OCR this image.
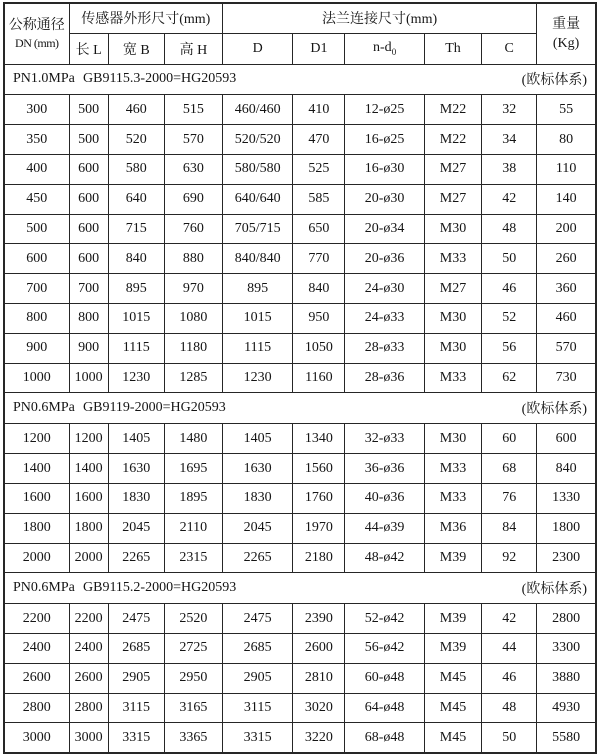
公称通径
DN (mm)
	传感器外形尺寸(mm)	法兰连接尺寸(mm)	重量
(Kg)

	长 L	宽 B	高 H	D	D1	$n-d_0$	Th	C	

PN1.0MPa GB9115.3-2000=HG20593 (欧标体系)									

300	500	460	515	460/460	410	12-ø25	M22	32	55
350	500	520	570	520/520	470	16-ø25	M22	34	80
400	600	580	630	580/580	525	16-ø30	M27	38	110
450	600	640	690	640/640	585	20-ø30	M27	42	140
500	600	715	760	705/715	650	20-ø34	M30	48	200
600	600	840	880	840/840	770	20-ø36	M33	50	260
700	700	895	970	895	840	24-ø30	M27	46	360
800	800	1015	1080	1015	950	24-ø33	M30	52	460
900	900	1115	1180	1115	1050	28-ø33	M30	56	570
1000	1000	1230	1285	1230	1160	28-ø36	M33	62	730

PN0.6MPa GB9119-2000=HG20593 (欧标体系)									

1200	1200	1405	1480	1405	1340	32-ø33	M30	60	600
1400	1400	1630	1695	1630	1560	36-ø36	M33	68	840
1600	1600	1830	1895	1830	1760	40-ø36	M33	76	1330
1800	1800	2045	2110	2045	1970	44-ø39	M36	84	1800
2000	2000	2265	2315	2265	2180	48-ø42	M39	92	2300

PN0.6MPa GB9115.2-2000=HG20593 (欧标体系)									

2200	2200	2475	2520	2475	2390	52-ø42	M39	42	2800
2400	2400	2685	2725	2685	2600	56-ø42	M39	44	3300
2600	2600	2905	2950	2905	2810	60-ø48	M45	46	3880
2800	2800	3115	3165	3115	3020	64-ø48	M45	48	4930
3000	3000	3315	3365	3315	3220	68-ø48	M45	50	5580
